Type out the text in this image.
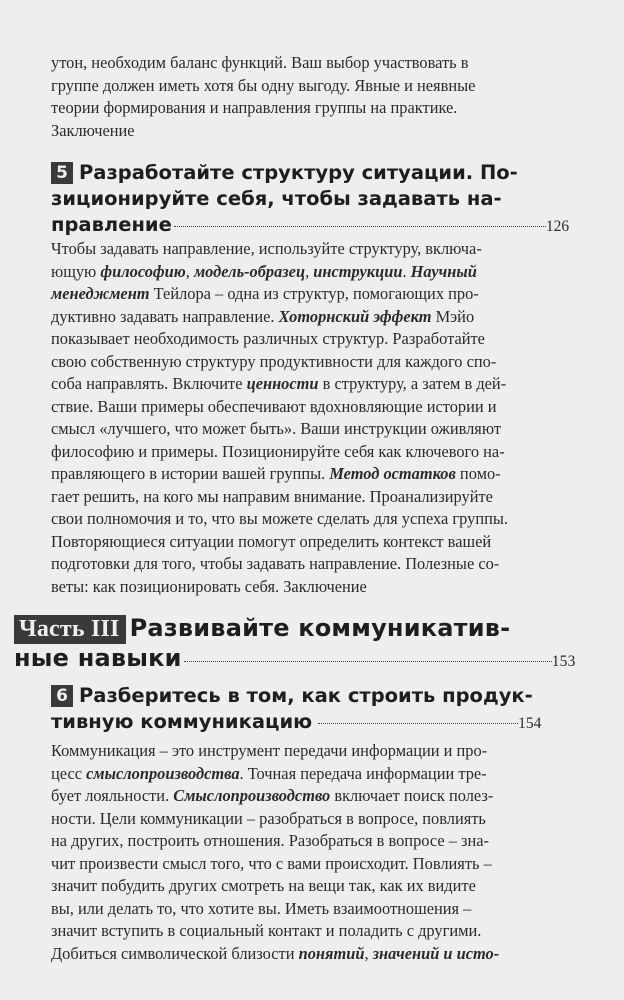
утон, необходим баланс функций. Ваш выбор участвовать в
группе должен иметь хотя бы одну выгоду. Явные и неявные
теории формирования и направления группы на практике.
Заключение

5 Разработайте структуру ситуации. По-
зиционируйте себя, чтобы задавать на-
правление	126

Чтобы задавать направление, используйте структуру, включа-
ющую философию, модель-образец, инструкции. Научный
менеджмент Тейлора – одна из структур, помогающих про-
дуктивно задавать направление. Хоторнский эффект Мэйо
показывает необходимость различных структур. Разработайте
свою собственную структуру продуктивности для каждого спо-
соба направлять. Включите ценности в структуру, а затем в дей-
ствие. Ваши примеры обеспечивают вдохновляющие истории и
смысл «лучшего, что может быть». Ваши инструкции оживляют
философию и примеры. Позиционируйте себя как ключевого на-
правляющего в истории вашей группы. Метод остатков помо-
гает решить, на кого мы направим внимание. Проанализируйте
свои полномочия и то, что вы можете сделать для успеха группы.
Повторяющиеся ситуации помогут определить контекст вашей
подготовки для того, чтобы задавать направление. Полезные со-
веты: как позиционировать себя. Заключение

Часть III Развивайте коммуникатив-
ные навыки	153
6 Разберитесь в том, как строить продук-
тивную коммуникацию	154

Коммуникация – это инструмент передачи информации и про-
цесс смыслопроизводства. Точная передача информации тре-
бует лояльности. Смыслопроизводство включает поиск полез-
ности. Цели коммуникации – разобраться в вопросе, повлиять
на других, построить отношения. Разобраться в вопросе – зна-
чит произвести смысл того, что с вами происходит. Повлиять –
значит побудить других смотреть на вещи так, как их видите
вы, или делать то, что хотите вы. Иметь взаимоотношения –
значит вступить в социальный контакт и поладить с другими.
Добиться символической близости понятий, значений и исто-
